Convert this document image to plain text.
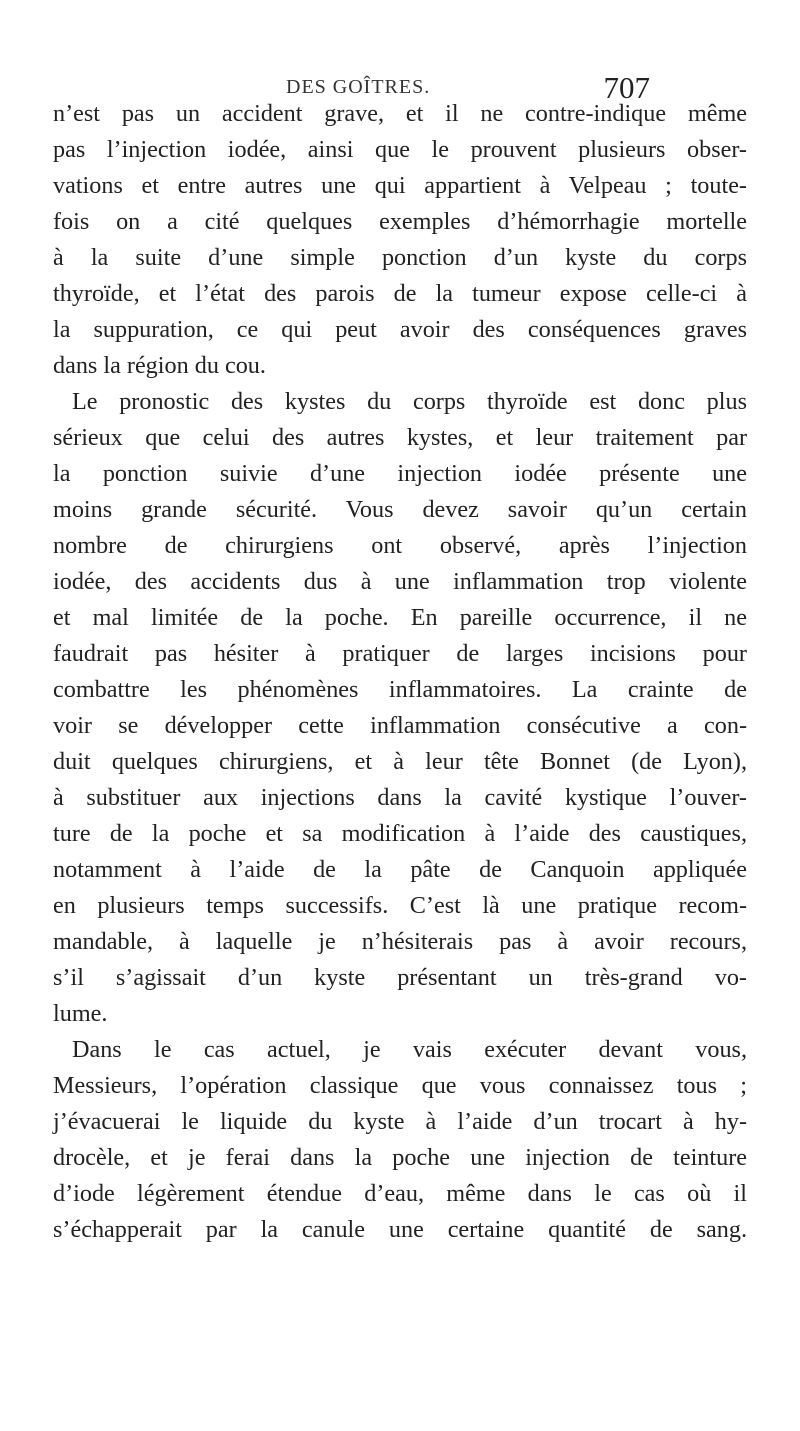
DES GOÎTRES.	707
n’est pas un accident grave, et il ne contre-indique même
pas l’injection iodée, ainsi que le prouvent plusieurs obser-
vations et entre autres une qui appartient à Velpeau ; toute-
fois on a cité quelques exemples d’hémorrhagie mortelle
à la suite d’une simple ponction d’un kyste du corps
thyroïde, et l’état des parois de la tumeur expose celle-ci à
la suppuration, ce qui peut avoir des conséquences graves
dans la région du cou.
Le pronostic des kystes du corps thyroïde est donc plus
sérieux que celui des autres kystes, et leur traitement par
la ponction suivie d’une injection iodée présente une
moins grande sécurité. Vous devez savoir qu’un certain
nombre de chirurgiens ont observé, après l’injection
iodée, des accidents dus à une inflammation trop violente
et mal limitée de la poche. En pareille occurrence, il ne
faudrait pas hésiter à pratiquer de larges incisions pour
combattre les phénomènes inflammatoires. La crainte de
voir se développer cette inflammation consécutive a con-
duit quelques chirurgiens, et à leur tête Bonnet (de Lyon),
à substituer aux injections dans la cavité kystique l’ouver-
ture de la poche et sa modification à l’aide des caustiques,
notamment à l’aide de la pâte de Canquoin appliquée
en plusieurs temps successifs. C’est là une pratique recom-
mandable, à laquelle je n’hésiterais pas à avoir recours,
s’il s’agissait d’un kyste présentant un très-grand vo-
lume.
Dans le cas actuel, je vais exécuter devant vous,
Messieurs, l’opération classique que vous connaissez tous ;
j’évacuerai le liquide du kyste à l’aide d’un trocart à hy-
drocèle, et je ferai dans la poche une injection de teinture
d’iode légèrement étendue d’eau, même dans le cas où il
s’échapperait par la canule une certaine quantité de sang.
